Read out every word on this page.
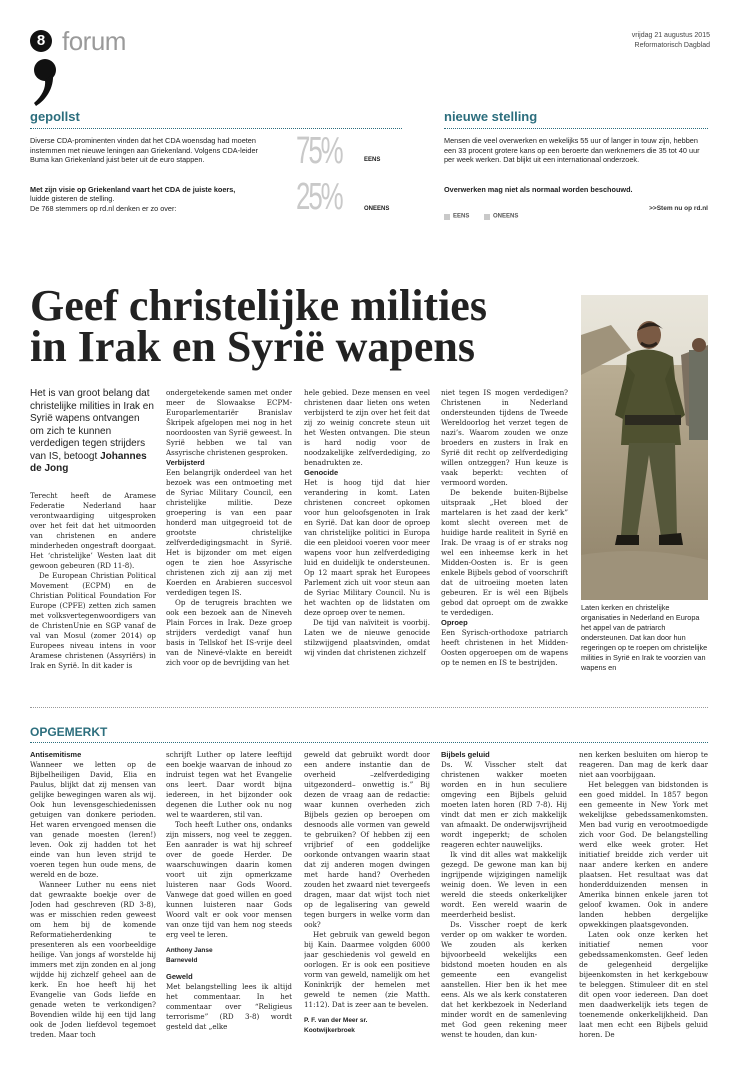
8 forum	vrijdag 21 augustus 2015
Reformatorisch Dagblad
gepollst
Diverse CDA-prominenten vinden dat het CDA woensdag had moeten instemmen met nieuwe leningen aan Griekenland. Volgens CDA-leider Buma kan Griekenland juist beter uit de euro stappen.
Met zijn visie op Griekenland vaart het CDA de juiste koers,
luidde gisteren de stelling.
De 768 stemmers op rd.nl denken er zo over:
75%	EENS
25%	ONEENS
nieuwe stelling
Mensen die veel overwerken en wekelijks 55 uur of langer in touw zijn, hebben een 33 procent grotere kans op een beroerte dan werknemers die 35 tot 40 uur per week werken. Dat blijkt uit een internationaal onderzoek.
Overwerken mag niet als normaal worden beschouwd.
EENS	ONEENS
>>Stem nu op rd.nl
Geef christelijke milities
in Irak en Syrië wapens
Laten kerken en christelijke organisaties in Nederland en Europa het appel van de patriarch ondersteunen. Dat kan door hun regeringen op te roepen om christelijke milities in Syrië en Irak te voorzien van wapens en
Het is van groot belang dat christelijke milities in Irak en Syrië wapens ontvangen om zich te kunnen verdedigen tegen strijders van IS, betoogt Johannes de Jong

Terecht heeft de Aramese Federatie Nederland haar verontwaardiging uitgesproken over het feit dat het uitmoorden van christenen en andere minderheden ongestraft doorgaat. Het ‘christelijke’ Westen laat dit gewoon gebeuren (RD 11-8).

De European Christian Political Movement (ECPM) en de Christian Political Foundation For Europe (CPFE) zetten zich samen met volksvertegenwoordigers van de ChristenUnie en SGP vanaf de val van Mosul (zomer 2014) op Europees niveau intens in voor Aramese christenen (Assyriërs) in Irak en Syrië. In dit kader is

ondergetekende samen met onder meer de Slowaakse ECPM-Europarlementariër Branislav Škripek afgelopen mei nog in het noordoosten van Syrië geweest. In Syrië hebben we tal van Assyrische christenen gesproken.

Verbijsterd

Een belangrijk onderdeel van het bezoek was een ontmoeting met de Syriac Military Council, een christelijke militie. Deze groepering is van een paar honderd man uitgegroeid tot de grootste christelijke zelfverdedigingsmacht in Syrië. Het is bijzonder om met eigen ogen te zien hoe Assyrische christenen zich zij aan zij met Koerden en Arabieren succesvol verdedigen tegen IS.

Op de terugreis brachten we ook een bezoek aan de Nineveh Plain Forces in Irak. Deze groep strijders verdedigt vanaf hun basis in Tellskof het IS-vrije deel van de Ninevé-vlakte en bereidt zich voor op de bevrijding van het

hele gebied. Deze mensen en veel christenen daar lieten ons weten verbijsterd te zijn over het feit dat zij zo weinig concrete steun uit het Westen ontvangen. Die steun is hard nodig voor de noodzakelijke zelfverdediging, zo benadrukten ze.

Genocide

Het is hoog tijd dat hier verandering in komt. Laten christenen concreet opkomen voor hun geloofsgenoten in Irak en Syrië. Dat kan door de oproep van christelijke politici in Europa die een pleidooi voeren voor meer wapens voor hun zelfverdediging luid en duidelijk te ondersteunen. Op 12 maart sprak het Europees Parlement zich uit voor steun aan de Syriac Military Council. Nu is het wachten op de lidstaten om deze oproep over te nemen.

De tijd van naïviteit is voorbij. Laten we de nieuwe genocide stilzwijgend plaatsvinden, omdat wij vinden dat christenen zichzelf

niet tegen IS mogen verdedigen? Christenen in Nederland ondersteunden tijdens de Tweede Wereldoorlog het verzet tegen de nazi’s. Waarom zouden we onze broeders en zusters in Irak en Syrië dit recht op zelfverdediging willen ontzeggen? Hun keuze is vaak beperkt: vechten of vermoord worden.

De bekende buiten-Bijbelse uitspraak „Het bloed der martelaren is het zaad der kerk” komt slecht overeen met de huidige harde realiteit in Syrië en Irak. De vraag is of er straks nog wel een inheemse kerk in het Midden-Oosten is. Er is geen enkele Bijbels gebod of voorschrift dat de uitroeiing moeten laten gebeuren. Er is wél een Bijbels gebod dat oproept om de zwakke te verdedigen.

Oproep

Een Syrisch-orthodoxe patriarch heeft christenen in het Midden-Oosten opgeroepen om de wapens op te nemen en IS te bestrijden.

OPGEMERKT
Antisemitisme

Wanneer we letten op de Bijbelheiligen David, Elia en Paulus, blijkt dat zij mensen van gelijke bewegingen waren als wij. Ook hun levensgeschiedenissen getuigen van donkere perioden. Het waren ervengoed mensen die van genade moesten (leren!) leven. Ook zij hadden tot het einde van hun leven strijd te voeren tegen hun oude mens, de wereld en de boze.

Wanneer Luther nu eens niet dat gewraakte boekje over de Joden had geschreven (RD 3-8), was er misschien reden geweest om hem bij de komende Reformatieherdenking te presenteren als een voorbeeldige heilige. Van jongs af worstelde hij immers met zijn zonden en al jong wijdde hij zichzelf geheel aan de kerk. En hoe heeft hij het Evangelie van Gods liefde en genade weten te verkondigen? Bovendien wilde hij een tijd lang ook de Joden liefdevol tegemoet treden. Maar toch

schrijft Luther op latere leeftijd een boekje waarvan de inhoud zo indruist tegen wat het Evangelie ons leert. Daar wordt bijna iedereen, in het bijzonder ook degenen die Luther ook nu nog wel te waarderen, stil van.

Toch heeft Luther ons, ondanks zijn missers, nog veel te zeggen. Een aanrader is wat hij schreef over de goede Herder. De waarschuwingen daarin komen voort uit zijn opmerkzame luisteren naar Gods Woord. Vanwege dat goed willen en goed kunnen luisteren naar Gods Woord valt er ook voor mensen van onze tijd van hem nog steeds erg veel te leren.

Anthony Janse
Barneveld
Geweld

Met belangstelling lees ik altijd het commentaar. In het commentaar over “Religieus terrorisme” (RD 3-8) wordt gesteld dat „elke

geweld dat gebruikt wordt door een andere instantie dan de overheid –zelfverdediging uitgezonderd– onwettig is.” Bij dezen de vraag aan de redactie: waar kunnen overheden zich Bijbels gezien op beroepen om desnoods alle vormen van geweld te gebruiken? Of hebben zij een vrijbrief of een goddelijke oorkonde ontvangen waarin staat dat zij anderen mogen dwingen met harde hand? Overheden zouden het zwaard niet tevergeefs dragen, maar dat wijst toch niet op de legalisering van geweld tegen burgers in welke vorm dan ook?

Het gebruik van geweld begon bij Kain. Daarmee volgden 6000 jaar geschiedenis vol geweld en oorlogen. Er is ook een positieve vorm van geweld, namelijk om het Koninkrijk der hemelen met geweld te nemen (zie Matth. 11:12). Dat is zeer aan te bevelen.

P. F. van der Meer sr.
Kootwijkerbroek
Bijbels geluid

Ds. W. Visscher stelt dat christenen wakker moeten worden en in hun seculiere omgeving een Bijbels geluid moeten laten horen (RD 7-8). Hij vindt dat men er zich makkelijk van afmaakt. De onderwijsvrijheid wordt ingeperkt; de scholen reageren echter nauwelijks.

Ik vind dit alles wat makkelijk gezegd. De gewone man kan bij ingrijpende wijzigingen namelijk weinig doen. We leven in een wereld die steeds onkerkelijker wordt. Een wereld waarin de meerderheid beslist.

Ds. Visscher roept de kerk verder op om wakker te worden. We zouden als kerken bijvoorbeeld wekelijks een bidstond moeten houden en als gemeente een evangelist aanstellen. Hier ben ik het mee eens. Als we als kerk constateren dat het kerkbezoek in Nederland minder wordt en de samenleving met God geen rekening meer wenst te houden, dan kun-

nen kerken besluiten om hierop te reageren. Dan mag de kerk daar niet aan voorbijgaan.

Het beleggen van bidstonden is een goed middel. In 1857 begon een gemeente in New York met wekelijkse gebedssamenkomsten. Men bad vurig en verootmoedigde zich voor God. De belangstelling werd elke week groter. Het initiatief breidde zich verder uit naar andere kerken en andere plaatsen. Het resultaat was dat honderdduizenden mensen in Amerika binnen enkele jaren tot geloof kwamen. Ook in andere landen hebben dergelijke opwekkingen plaatsgevonden.

Laten ook onze kerken het initiatief nemen voor gebedssamenkomsten. Geef leden de gelegenheid dergelijke bijeenkomsten in het kerkgebouw te beleggen. Stimuleer dit en stel dit open voor iedereen. Dan doet men daadwerkelijk iets tegen de toenemende onkerkelijkheid. Dan laat men echt een Bijbels geluid horen. De
